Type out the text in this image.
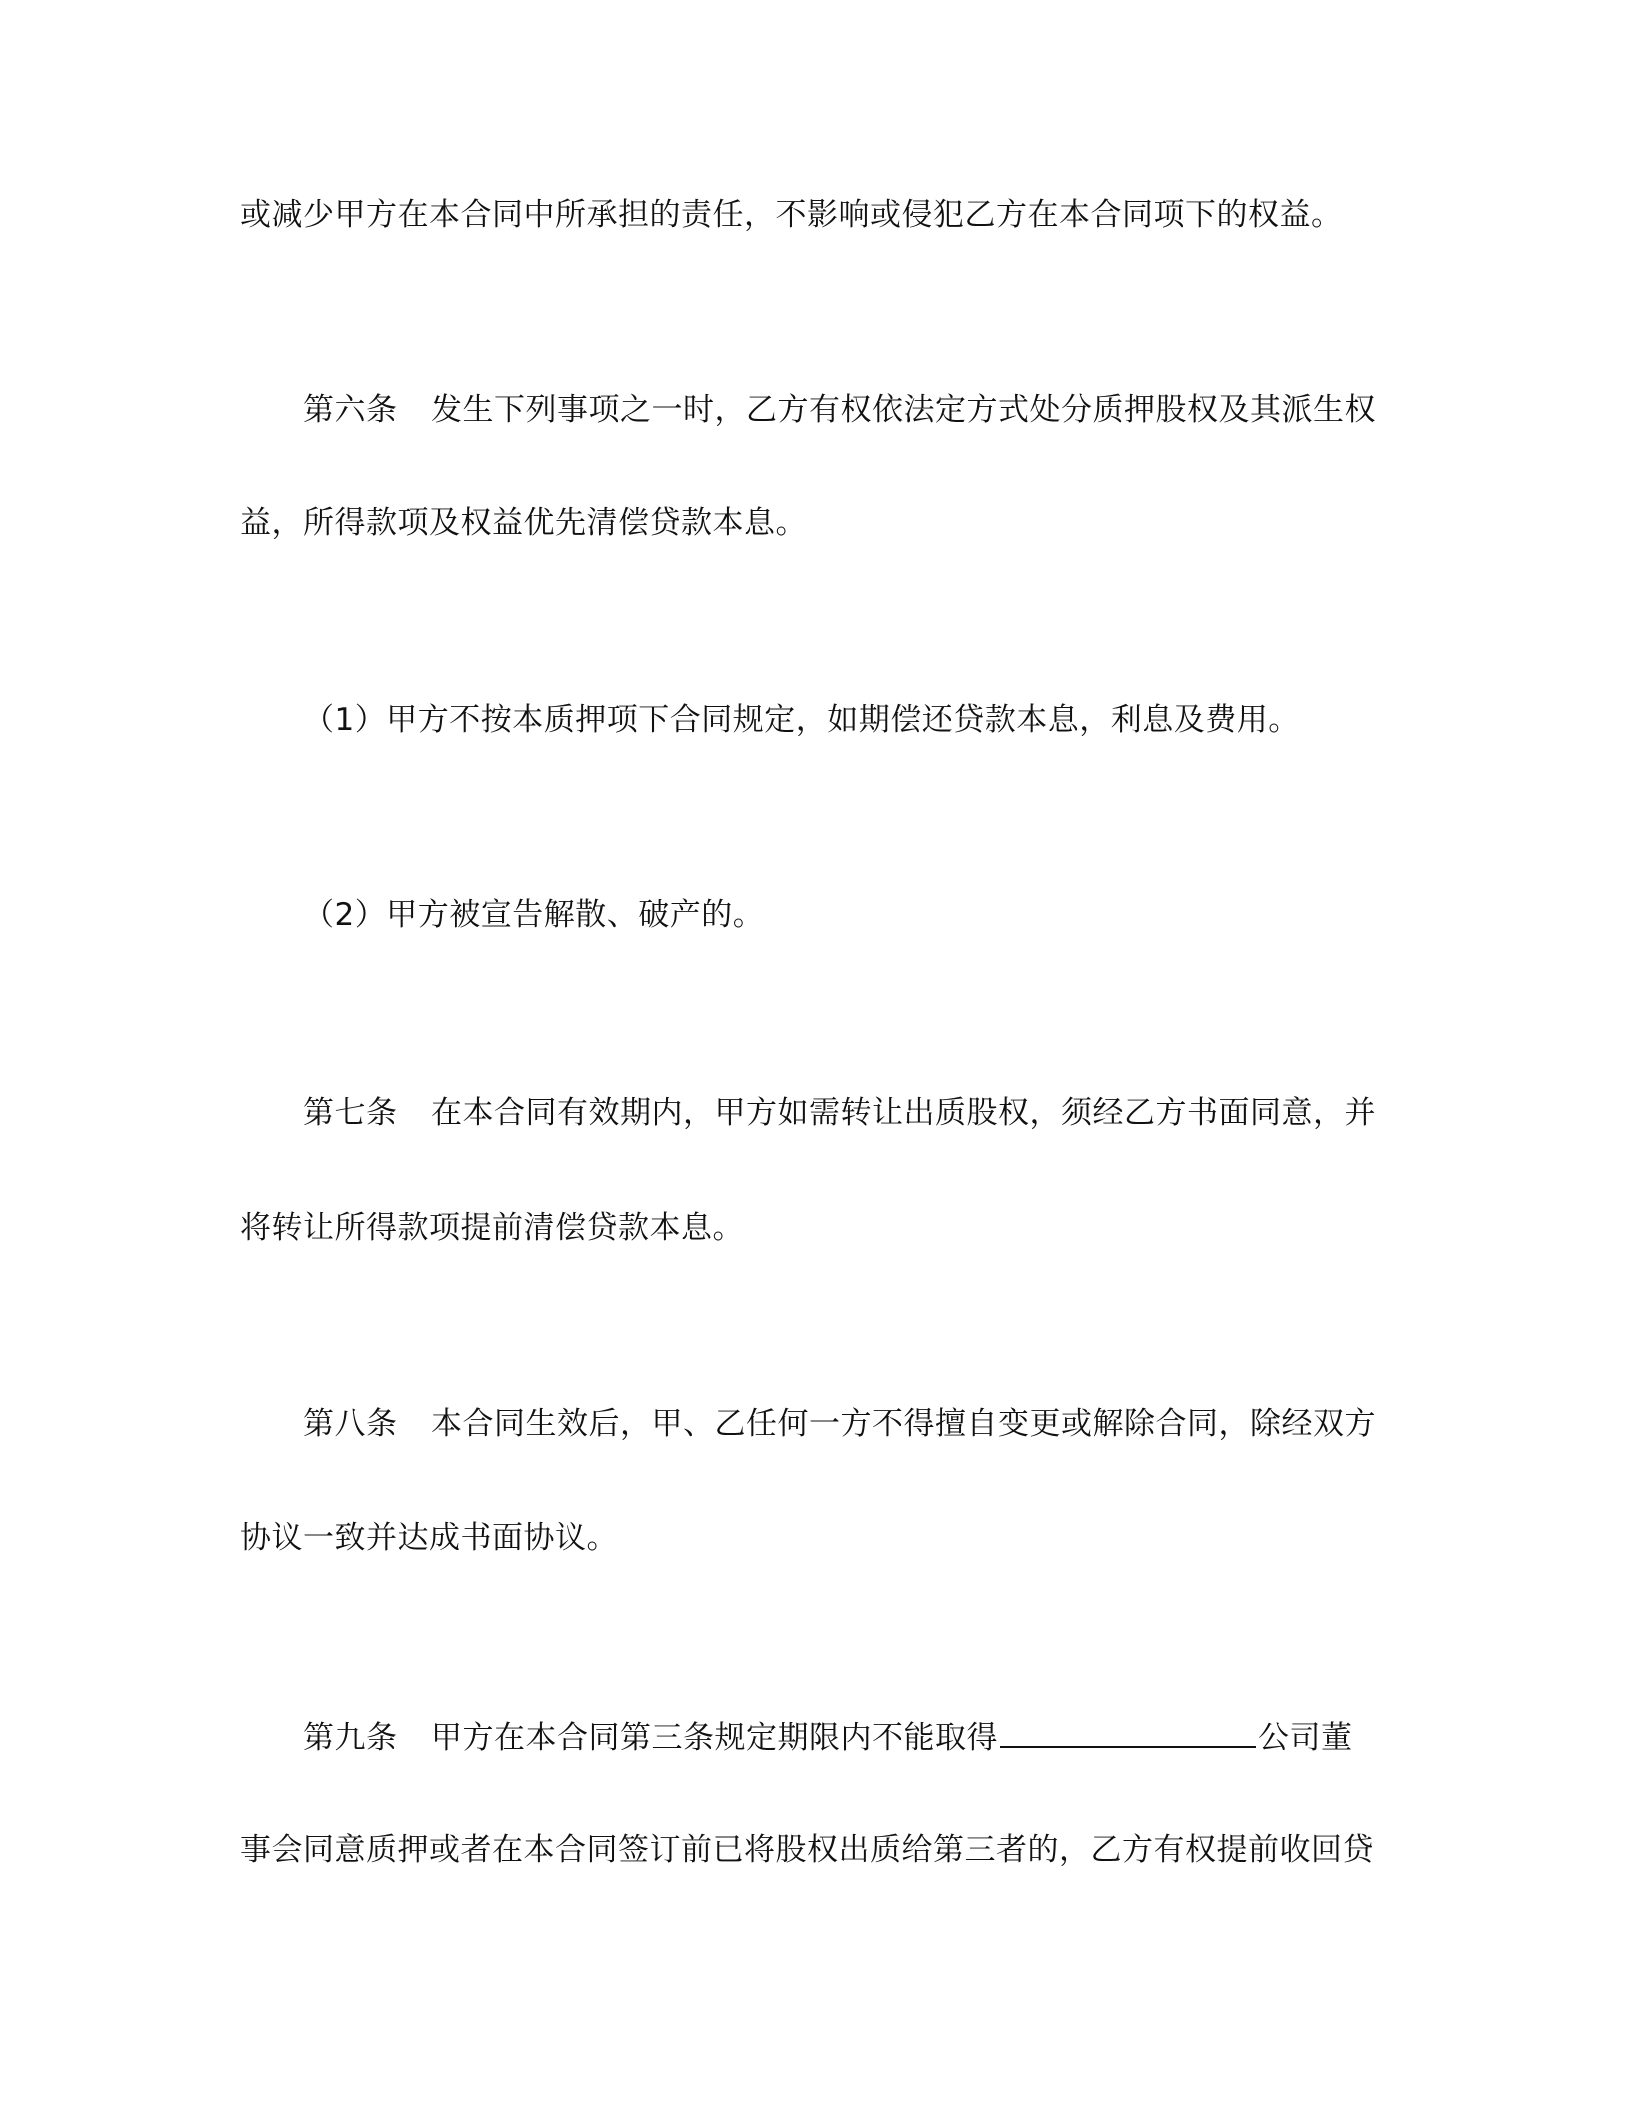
或减少甲方在本合同中所承担的责任，不影响或侵犯乙方在本合同项下的权益。
第六条 发生下列事项之一时，乙方有权依法定方式处分质押股权及其派生权
益，所得款项及权益优先清偿贷款本息。
（1）甲方不按本质押项下合同规定，如期偿还贷款本息，利息及费用。
（2）甲方被宣告解散、破产的。
第七条 在本合同有效期内，甲方如需转让出质股权，须经乙方书面同意，并
将转让所得款项提前清偿贷款本息。
第八条 本合同生效后，甲、乙任何一方不得擅自变更或解除合同，除经双方
协议一致并达成书面协议。
第九条 甲方在本合同第三条规定期限内不能取得	公司董
事会同意质押或者在本合同签订前已将股权出质给第三者的，乙方有权提前收回贷
